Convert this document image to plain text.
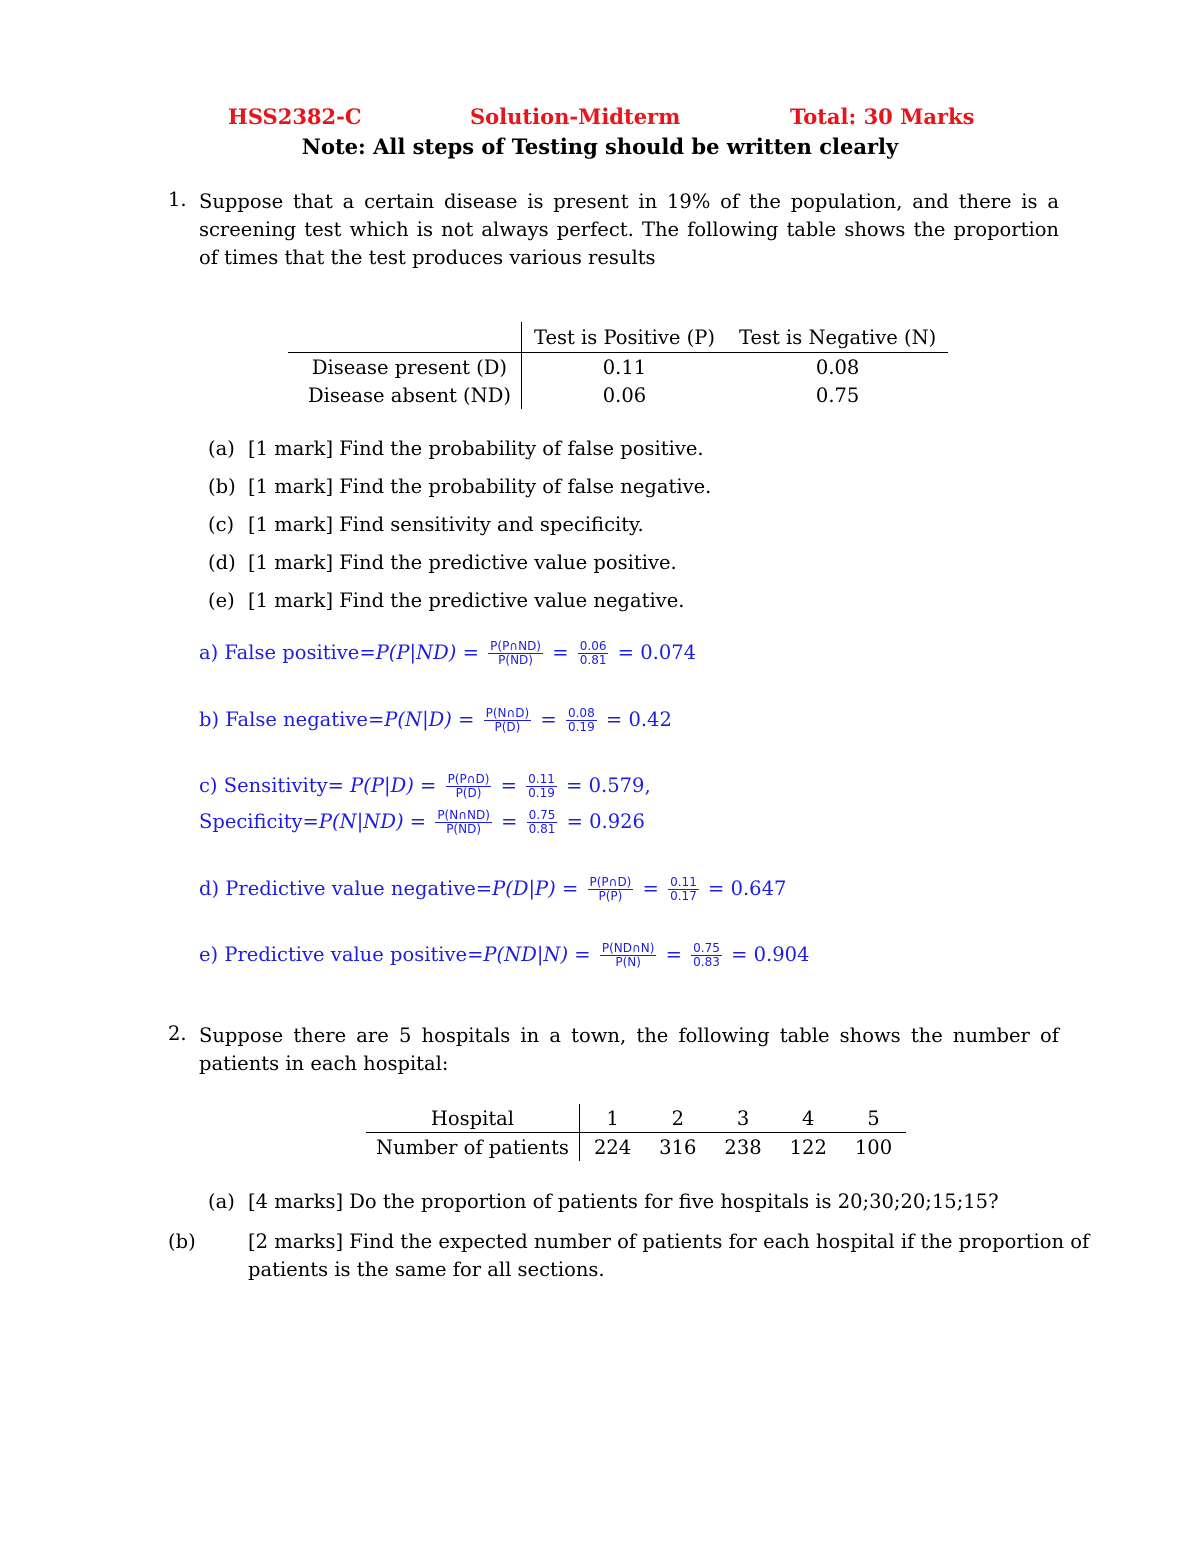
HSS2382-C	Solution-Midterm	Total: 30 Marks
Note: All steps of Testing should be written clearly
1. Suppose that a certain disease is present in 19% of the population, and there is a screening test which is not always perfect. The following table shows the proportion of times that the test produces various results
	Test is Positive (P)	Test is Negative (N)
Disease present (D)	0.11	0.08
Disease absent (ND)	0.06	0.75
(a) [1 mark] Find the probability of false positive.
(b) [1 mark] Find the probability of false negative.
(c) [1 mark] Find sensitivity and specificity.
(d) [1 mark] Find the predictive value positive.
(e) [1 mark] Find the predictive value negative.
a) False positive=P(P|ND) = $\frac{P(P\cap ND)}{P(ND)} = \frac{0.06}{0.81} = 0.074$
b) False negative=P(N|D) = $\frac{P(N\cap D)}{P(D)} = \frac{0.08}{0.19} = 0.42$
c) Sensitivity= $P(P|D) = \frac{P(P\cap D)}{P(D)} = \frac{0.11}{0.19} = 0.579$,
Specificity=P(N|ND) = $\frac{P(N\cap ND)}{P(ND)} = \frac{0.75}{0.81} = 0.926$
d) Predictive value negative=P(D|P) = $\frac{P(P\cap D)}{P(P)} = \frac{0.11}{0.17} = 0.647$
e) Predictive value positive=P(ND|N) = $\frac{P(ND\cap N)}{P(N)} = \frac{0.75}{0.83} = 0.904$
2. Suppose there are 5 hospitals in a town, the following table shows the number of patients in each hospital:
Hospital	1	2	3	4	5
Number of patients	224	316	238	122	100
(a) [4 marks] Do the proportion of patients for five hospitals is 20;30;20;15;15?
(b)	[2 marks] Find the expected number of patients for each hospital if the proportion of patients is the same for all sections.
